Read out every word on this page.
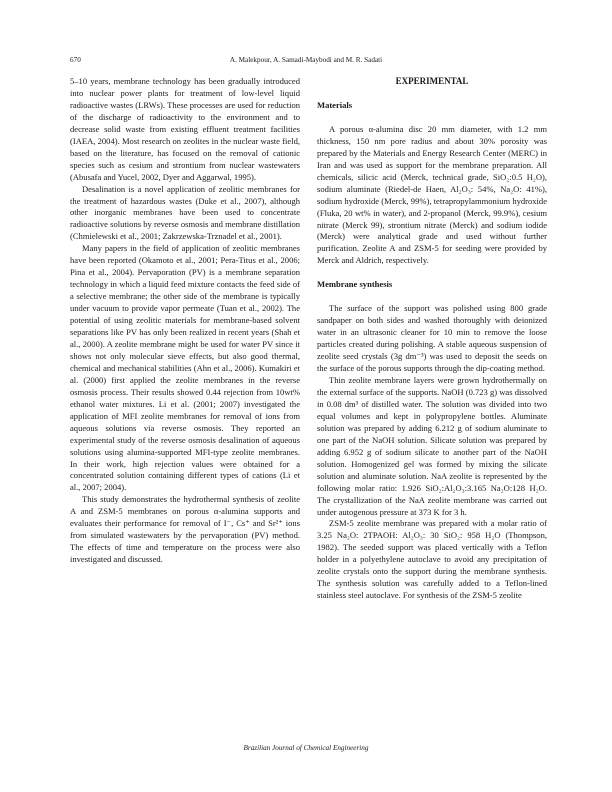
670	A. Malekpour, A. Samadi-Maybodi and M. R. Sadati

5–10 years, membrane technology has been gradually introduced into nuclear power plants for treatment of low-level liquid radioactive wastes (LRWs). These processes are used for reduction of the discharge of radioactivity to the environment and to decrease solid waste from existing effluent treatment facilities (IAEA, 2004). Most research on zeolites in the nuclear waste field, based on the literature, has focused on the removal of cationic species such as cesium and strontium from nuclear wastewaters (Abusafa and Yucel, 2002, Dyer and Aggarwal, 1995).

Desalination is a novel application of zeolitic membranes for the treatment of hazardous wastes (Duke et al., 2007), although other inorganic membranes have been used to concentrate radioactive solutions by reverse osmosis and membrane distillation (Chmielewski et al., 2001; Zakrzewska-Trznadel et al., 2001).

Many papers in the field of application of zeolitic membranes have been reported (Okamoto et al., 2001; Pera-Titus et al., 2006; Pina et al., 2004). Pervaporation (PV) is a membrane separation technology in which a liquid feed mixture contacts the feed side of a selective membrane; the other side of the membrane is typically under vacuum to provide vapor permeate (Tuan et al., 2002). The potential of using zeolitic materials for membrane-based solvent separations like PV has only been realized in recent years (Shah et al., 2000). A zeolite membrane might be used for water PV since it shows not only molecular sieve effects, but also good thermal, chemical and mechanical stabilities (Ahn et al., 2006). Kumakiri et al. (2000) first applied the zeolite membranes in the reverse osmosis process. Their results showed 0.44 rejection from 10wt% ethanol water mixtures. Li et al. (2001; 2007) investigated the application of MFI zeolite membranes for removal of ions from aqueous solutions via reverse osmosis. They reported an experimental study of the reverse osmosis desalination of aqueous solutions using alumina-supported MFI-type zeolite membranes. In their work, high rejection values were obtained for a concentrated solution containing different types of cations (Li et al., 2007; 2004).

This study demonstrates the hydrothermal synthesis of zeolite A and ZSM-5 membranes on porous α-alumina supports and evaluates their performance for removal of I⁻, Cs⁺ and Sr²⁺ ions from simulated wastewaters by the pervaporation (PV) method. The effects of time and temperature on the process were also investigated and discussed.

EXPERIMENTAL
Materials

A porous α-alumina disc 20 mm diameter, with 1.2 mm thickness, 150 nm pore radius and about 30% porosity was prepared by the Materials and Energy Research Center (MERC) in Iran and was used as support for the membrane preparation. All chemicals, silicic acid (Merck, technical grade, SiO₂:0.5 H₂O), sodium aluminate (Riedel-de Haen, Al₂O₃: 54%, Na₂O: 41%), sodium hydroxide (Merck, 99%), tetrapropylammonium hydroxide (Fluka, 20 wt% in water), and 2-propanol (Merck, 99.9%), cesium nitrate (Merck 99), strontium nitrate (Merck) and sodium iodide (Merck) were analytical grade and used without further purification. Zeolite A and ZSM-5 for seeding were provided by Merck and Aldrich, respectively.

Membrane synthesis

The surface of the support was polished using 800 grade sandpaper on both sides and washed thoroughly with deionized water in an ultrasonic cleaner for 10 min to remove the loose particles created during polishing. A stable aqueous suspension of zeolite seed crystals (3g dm⁻³) was used to deposit the seeds on the surface of the porous supports through the dip-coating method.

Thin zeolite membrane layers were grown hydrothermally on the external surface of the supports. NaOH (0.723 g) was dissolved in 0.08 dm³ of distilled water. The solution was divided into two equal volumes and kept in polypropylene bottles. Aluminate solution was prepared by adding 6.212 g of sodium aluminate to one part of the NaOH solution. Silicate solution was prepared by adding 6.952 g of sodium silicate to another part of the NaOH solution. Homogenized gel was formed by mixing the silicate solution and aluminate solution. NaA zeolite is represented by the following molar ratio: 1.926 SiO₂:Al₂O₃:3.165 Na₂O:128 H₂O. The crystallization of the NaA zeolite membrane was carried out under autogenous pressure at 373 K for 3 h.

ZSM-5 zeolite membrane was prepared with a molar ratio of 3.25 Na₂O: 2TPAOH: Al₂O₃: 30 SiO₂: 958 H₂O (Thompson, 1982). The seeded support was placed vertically with a Teflon holder in a polyethylene autoclave to avoid any precipitation of zeolite crystals onto the support during the membrane synthesis. The synthesis solution was carefully added to a Teflon-lined stainless steel autoclave. For synthesis of the ZSM-5 zeolite

Brazilian Journal of Chemical Engineering
